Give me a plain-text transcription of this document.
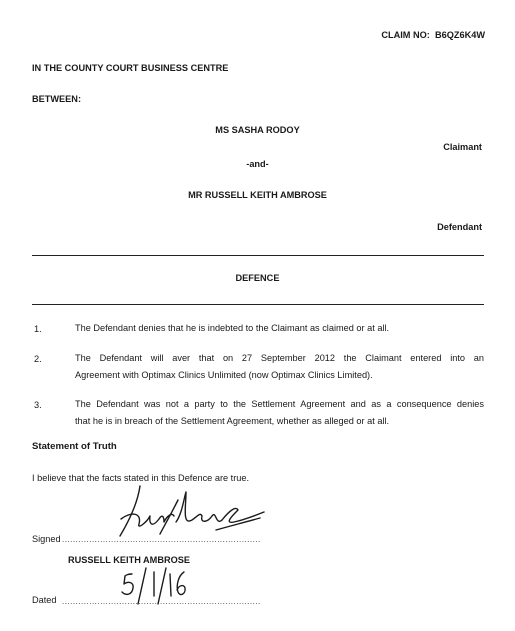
CLAIM NO: B6QZ6K4W
IN THE COUNTY COURT BUSINESS CENTRE
BETWEEN:
MS SASHA RODOY
Claimant
-and-
MR RUSSELL KEITH AMBROSE
Defendant
DEFENCE
1.	The Defendant denies that he is indebted to the Claimant as claimed or at all.
2.	The Defendant will aver that on 27 September 2012 the Claimant entered into an
Agreement with Optimax Clinics Unlimited (now Optimax Clinics Limited).
3.	The Defendant was not a party to the Settlement Agreement and as a consequence denies
that he is in breach of the Settlement Agreement, whether as alleged or at all.
Statement of Truth
I believe that the facts stated in this Defence are true.
Signed .........................................................................
RUSSELL KEITH AMBROSE
Dated .........................................................................
